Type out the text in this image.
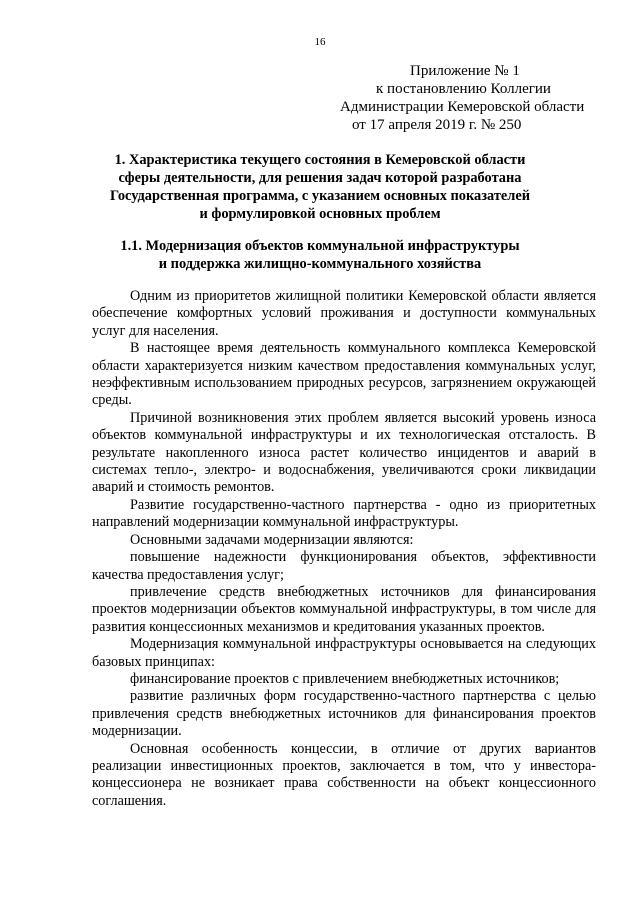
16
Приложение № 1
к постановлению Коллегии
Администрации Кемеровской области
от 17 апреля 2019 г. № 250
1. Характеристика текущего состояния в Кемеровской области
сферы деятельности, для решения задач которой разработана
Государственная программа, с указанием основных показателей
и формулировкой основных проблем
1.1. Модернизация объектов коммунальной инфраструктуры
и поддержка жилищно-коммунального хозяйства

Одним из приоритетов жилищной политики Кемеровской области является обеспечение комфортных условий проживания и доступности коммунальных услуг для населения.

В настоящее время деятельность коммунального комплекса Кемеровской области характеризуется низким качеством предоставления коммунальных услуг, неэффективным использованием природных ресурсов, загрязнением окружающей среды.

Причиной возникновения этих проблем является высокий уровень износа объектов коммунальной инфраструктуры и их технологическая отсталость. В результате накопленного износа растет количество инцидентов и аварий в системах тепло-, электро- и водоснабжения, увеличиваются сроки ликвидации аварий и стоимость ремонтов.

Развитие государственно-частного партнерства - одно из приоритетных направлений модернизации коммунальной инфраструктуры.

Основными задачами модернизации являются:

повышение надежности функционирования объектов, эффективности качества предоставления услуг;

привлечение средств внебюджетных источников для финансирования проектов модернизации объектов коммунальной инфраструктуры, в том числе для развития концессионных механизмов и кредитования указанных проектов.

Модернизация коммунальной инфраструктуры основывается на следующих базовых принципах:

финансирование проектов с привлечением внебюджетных источников;

развитие различных форм государственно-частного партнерства с целью привлечения средств внебюджетных источников для финансирования проектов модернизации.

Основная особенность концессии, в отличие от других вариантов реализации инвестиционных проектов, заключается в том, что у инвестора-концессионера не возникает права собственности на объект концессионного соглашения.
